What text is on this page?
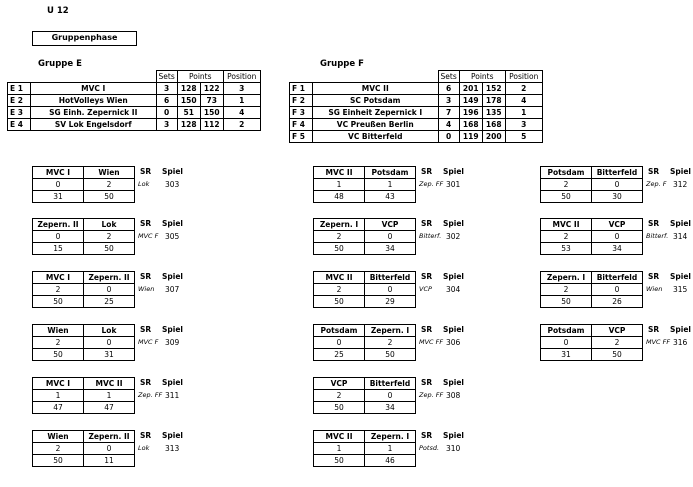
U 12
Gruppenphase
Gruppe E
		Sets	Points		Position
E 1	MVC I	3	128	122	3
E 2	HotVolleys Wien	6	150	73	1
E 3	SG Einh. Zepernick II	0	51	150	4
E 4	SV Lok Engelsdorf	3	128	112	2
Gruppe F
		Sets	Points		Position
F 1	MVC II	6	201	152	2
F 2	SC Potsdam	3	149	178	4
F 3	SG Einheit Zepernick I	7	196	135	1
F 4	VC Preußen Berlin	4	168	168	3
F 5	VC Bitterfeld	0	119	200	5
MVC I	Wien
0	2
31	50
SR Spiel
Lok 303
Zepern. II	Lok
0	2
15	50
SR Spiel
MVC F 305
MVC I	Zepern. II
2	0
50	25
SR Spiel
Wien 307
Wien	Lok
2	0
50	31
SR Spiel
MVC F 309
MVC I	MVC II
1	1
47	47
SR Spiel
Zep. FF 311
Wien	Zepern. II
2	0
50	11
SR Spiel
Lok 313
MVC II	Potsdam
1	1
48	43
SR Spiel
Zep. FF 301
Zepern. I	VCP
2	0
50	34
SR Spiel
Bitterf. 302
MVC II	Bitterfeld
2	0
50	29
SR Spiel
VCP 304
Potsdam	Zepern. I
0	2
25	50
SR Spiel
MVC FF 306
VCP	Bitterfeld
2	0
50	34
SR Spiel
Zep. FF 308
MVC II	Zepern. I
1	1
50	46
SR Spiel
Potsd. 310
Potsdam	Bitterfeld
2	0
50	30
SR Spiel
Zep. F 312
MVC II	VCP
2	0
53	34
SR Spiel
Bitterf. 314
Zepern. I	Bitterfeld
2	0
50	26
SR Spiel
Wien 315
Potsdam	VCP
0	2
31	50
SR Spiel
MVC FF 316
